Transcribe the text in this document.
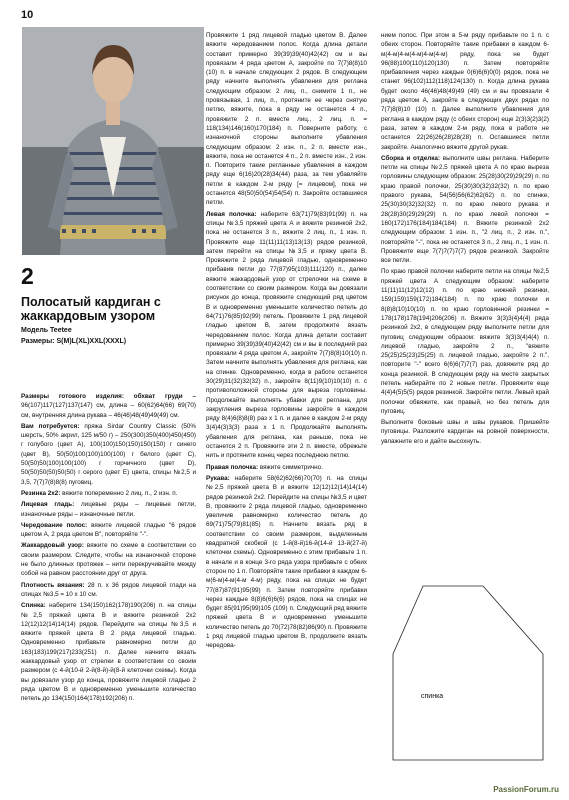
10
2
Полосатый кардиган с жаккардовым узором
Модель Teetee
Размеры: S(M)L(XL)XXL(XXXL)

Размеры готового изделия: обхват груди – 96(107)117(127)137(147) см, длина – 60(62)64(66) 69(70) см, внутренняя длина рукава – 46(46)48(49)49(49) см.

Вам потребуется: пряжа Sirdar Country Classic (50% шерсть, 50% акрил, 125 м/50 г) – 250(300)350(400)450(450) г голубого (цвет А), 100(100)150(150)150(150) г синего (цвет В), 50(50)100(100)100(100) г белого (цвет С), 50(50)50(100)100(100) г горчичного (цвет D), 50(50)50(50)50(50) г серого (цвет Е) цвета, спицы №2,5 и 3,5, 7(7)7(8)8(8) пуговиц.

Резинка 2х2: вяжите попеременно 2 лиц. п., 2 изн. п.

Лицевая гладь: лицевые ряды – лицевые петли, изнаночные ряды – изнаночные петли.

Чередование полос: вяжите лицевой гладью "6 рядов цветом А, 2 ряда цветом В", повторяйте "-".

Жаккардовый узор: вяжите по схеме в соответствии со своим размером. Следите, чтобы на изнаночной стороне не было длинных протяжек – нити перекручивайте между собой на равном расстоянии друг от друга.

Плотность вязания: 28 п. х 36 рядов лицевой глади на спицах №3,5 = 10 х 10 см.

Спинка: наберите 134(150)162(178)190(206) п. на спицы №2,5 пряжей цвета В и вяжите резинкой 2х2 12(12)12(14)14(14) рядов. Перейдите на спицы №3,5 и вяжите пряжей цвета В 2 ряда лицевой гладью. Одновременно прибавьте равномерно петли до 163(183)199(217)233(251) п. Далее начните вязать жаккардовый узор от стрелки в соответствии со своим размером (с 4-й(10-й 2-й(8-й)-й(8-й клеточки схемы). Когда вы довязали узор до конца, провяжите лицевой гладью 2 ряда цветом В и одновременно уменьшите количество петель до 134(150)164(178)192(206) п.

Провяжите 1 ряд лицевой гладью цветом В. Далее вяжите чередованием полос. Когда длина детали составит примерно 39(39)39(40)42(42) см и вы провязали 4 ряда цветом А, закройте по 7(7)8(8)10 (10) п. в начале следующих 2 рядов. В следующем ряду начните выполнять убавления для реглана следующим образом: 2 лиц. п., снимите 1 п., не провязывая, 1 лиц. п., протяните ее через снятую петлю, вяжите, пока в ряду не останется 4 п., провяжите 2 п. вместе лиц., 2 лиц. п. = 118(134)146(160)170(184) п. Поверните работу, с изнаночной стороны выполните убавления следующим образом: 2 изн. п., 2 п. вместе изн., вяжите, пока не останется 4 п., 2 п. вместе изн., 2 изн. п. Повторите такие регланные убавления в каждом ряду еще 6(16)20(28)34(44) раза, за тем убавляйте петли в каждом 2-м ряду [= лицевом], пока не останется 48(50)50(54)54(54) п. Закройте оставшиеся петли.

Левая полочка: наберите 63(71)79(83)91(99) п. на спицы №3,5 пряжей цвета А и вяжите резинкой 2х2, пока не останется 3 п., вяжите 2 лиц. п., 1 изн. п. Провяжите еще 11(11)11(13)13(13) рядов резинкой, затем перейти на спицы №3,5 и пряжу цвета В. Провяжите 2 ряда лицевой гладью, одновременно прибавив петли до 77(87)95(103)111(120) п., далее вяжите жаккардовый узор от стрелочки на схеме в соответствии со своим размером. Когда вы довязали рисунок до конца, провяжите следующий ряд цветом В и одновременно уменьшите количество петель до 64(71)76(85)92(99) петель. Провяжите 1 ряд лицевой гладью цветом В, затем продолжите вязать чередованием полос. Когда длина детали составит примерно 39(39)39(40)42(42) см и вы в последний раз провязали 4 ряда цветом А, закройте 7(7)8(8)10(10) п. Затем начните выполнять убавления для реглана, как на спинке. Одновременно, когда в работе останется 30(29)31(32)32(32) п., закройте 8(11)9(10)10(10) п. с противоположной стороны для выреза горловины. Продолжайте выполнять убавки для реглана, для закругления выреза горловины закройте в каждом ряду 8(4)6(8)8(8) раз х 1 п. и далее в каждом 2-м ряду 3(4)4(3)3(3) раза х 1 п. Продолжайте выполнять убавления для реглана, как раньше, пока не останется 2 п. Провяжите эти 2 п. вместе, обрежьте нить и протяните конец через последнюю петлю.

Правая полочка: вяжите симметрично.

Рукава: наберите 58(62)62(66)70(70) п. на спицы №2,5 пряжей цвета В и вяжите 12(12)12(14)14(14) рядов резинкой 2х2. Перейдите на спицы №3,5 и цвет В, провяжите 2 ряда лицевой гладью, одновременно увеличив равномерно количество петель до 69(71)75(79)81(85) п. Начните вязать ряд в соответствии со своим размером, выделенным квадратной скобкой (с 1-й(8-й)16-й(14-й 13-й(27-й) клеточки схемы). Одновременно с этим прибавьте 1 п. в начале и в конце 3-го ряда узора прибавьте с обеих сторон по 1 п. Повторяйте такие прибавки в каждом 6-м(6-м)4-м(4-м 4-м) ряду, пока на спицах не будет 77(87)87(91)95(99) п. Затем повторяйте прибавки через каждые 8(8)6(6)6(6) рядов, пока на спицах не будет 85(91)95(99)105 (109) п. Следующий ряд вяжите пряжей цвета В и одновременно уменьшите количество петель до 70(72)78(82)86(90) п. Провяжите 1 ряд лицевой гладью цветом В, продолжите вязать чередова-

нием полос. При этом в 5-м ряду прибавьте по 1 п. с обеих сторон. Повторяйте такие прибавки в каждом 6-м(4-м)4-м(4-м)4-м(4-м) ряду, пока не будет 96(88)100(110)120(130) п. Затем повторяйте прибавления через каждые 0(6)6(6)0(0) рядов, пока не станет 96(102)112(118)124(130) п. Когда длина рукава будет около 46(46)48(49)49 (49) см и вы провязали 4 ряда цветом А, закройте в следующих двух рядах по 7(7)8(8)10 (10) п. Далее выполните убавления для реглана в каждом ряду (с обеих сторон) еще 2(3)3(2)3(2) раза, затем в каждом 2-м ряду, пока в работе не останется 22(26)26(28)28(28) п. Оставшиеся петли закройте. Аналогично вяжите другой рукав.

Сборка и отделка: выполните швы реглана. Наберите петли на спицы №2,5 пряжей цвета А по краю выреза горловины следующим образом: 25(28)30(29)29(29) п. по краю правой полочки, 25(30)30(32)32(32) п. по краю правого рукава, 54(56)56(62)62(62) п. по спинке, 25(30)30(32)32(32) п. по краю левого рукава и 28(28)30(29)29(29) п. по краю левой полочки = 160(172)176(184)184(184) п. Вяжите резинкой 2х2 следующим образом: 1 изн. п., "2 лиц. п., 2 изн. п.", повторяйте "-", пока не останется 3 п., 2 лиц. п., 1 изн. п. Провяжите еще 7(7)7(7)7(7) рядов резинкой. Закройте все петли.

По краю правой полочки наберите петли на спицы №2,5 пряжей цвета А следующим образом: наберите 11(11)11(12)12(12) п. по краю нижней резинки, 159(159)159(172)184(184) п. по краю полочки и 8(8)8(10)10(10) п. по краю горловинной резинки = 178(178)178(194)206(206) п. Вяжите 3(3)3(4)4(4) ряда резинкой 2х2, в следующем ряду выполните петли для пуговиц следующим образом: вяжите 3(3)3(4)4(4) п. лицевой гладью, закройте 2 п., "вяжите 25(25)25(23)25(25) п. лицевой гладью, закройте 2 п.", повторите "-" всего 6(6)6(7)7(7) раз, довяжите ряд до конца резинкой. В следующем ряду на месте закрытых петель набирайте по 2 новые петли. Провяжите еще 4(4)4(5)5(5) рядов резинкой. Закройте петли. Левый край полочки обвяжите, как правый, но без петель для пуговиц.

Выполните боковые швы и швы рукавов. Пришейте пуговицы. Разложите кардиган на ровной поверхности, увлажните его и дайте высохнуть.

спинка
PassionForum.ru
